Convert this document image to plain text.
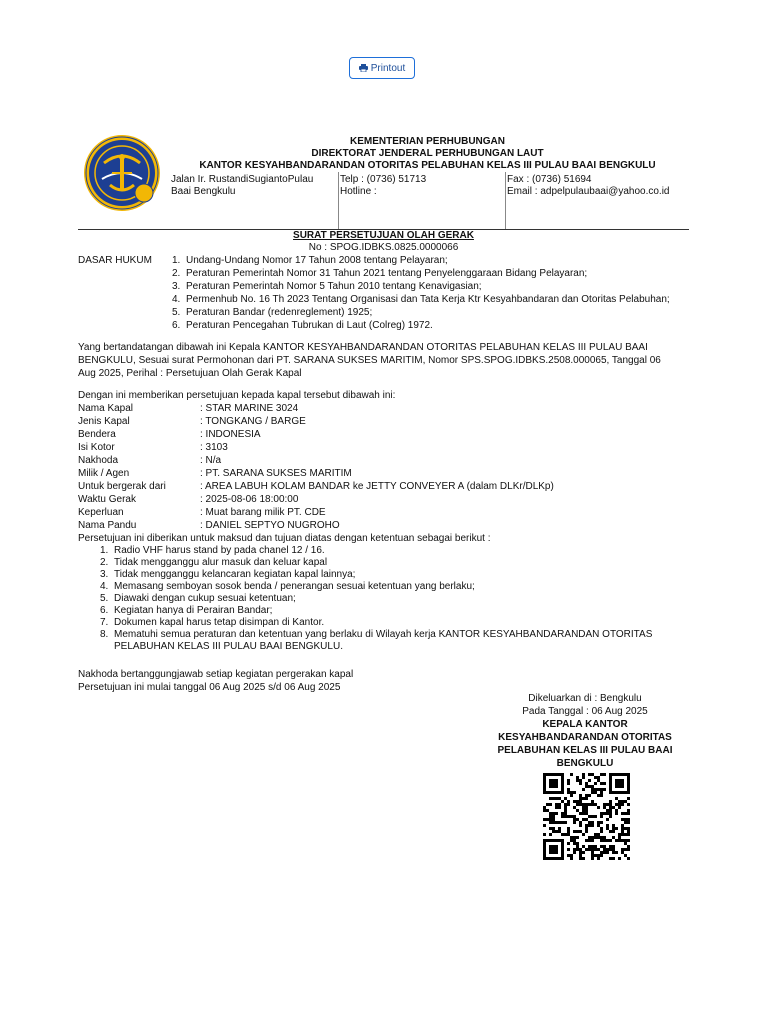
Printout
KEMENTERIAN PERHUBUNGAN
DIREKTORAT JENDERAL PERHUBUNGAN LAUT
KANTOR KESYAHBANDARANDAN OTORITAS PELABUHAN KELAS III PULAU BAAI BENGKULU
Jalan Ir. RustandiSugiantoPulau
Baai Bengkulu
Telp : (0736) 51713
Hotline :
Fax : (0736) 51694
Email : adpelpulaubaai@yahoo.co.id
SURAT PERSETUJUAN OLAH GERAK
No : SPOG.IDBKS.0825.0000066
DASAR HUKUM 1. Undang-Undang Nomor 17 Tahun 2008 tentang Pelayaran;
2. Peraturan Pemerintah Nomor 31 Tahun 2021 tentang Penyelenggaraan Bidang Pelayaran;
3. Peraturan Pemerintah Nomor 5 Tahun 2010 tentang Kenavigasian;
4. Permenhub No. 16 Th 2023 Tentang Organisasi dan Tata Kerja Ktr Kesyahbandaran dan Otoritas Pelabuhan;
5. Peraturan Bandar (redenreglement) 1925;
6. Peraturan Pencegahan Tubrukan di Laut (Colreg) 1972.
Yang bertandatangan dibawah ini Kepala KANTOR KESYAHBANDARANDAN OTORITAS PELABUHAN KELAS III PULAU BAAI
BENGKULU, Sesuai surat Permohonan dari PT. SARANA SUKSES MARITIM, Nomor SPS.SPOG.IDBKS.2508.000065, Tanggal 06
Aug 2025, Perihal : Persetujuan Olah Gerak Kapal
Dengan ini memberikan persetujuan kepada kapal tersebut dibawah ini:
Nama Kapal	: STAR MARINE 3024
Jenis Kapal	: TONGKANG / BARGE
Bendera	: INDONESIA
Isi Kotor	: 3103
Nakhoda	: N/a
Milik / Agen	: PT. SARANA SUKSES MARITIM
Untuk bergerak dari	: AREA LABUH KOLAM BANDAR ke JETTY CONVEYER A (dalam DLKr/DLKp)
Waktu Gerak	: 2025-08-06 18:00:00
Keperluan	: Muat barang milik PT. CDE
Nama Pandu	: DANIEL SEPTYO NUGROHO
Persetujuan ini diberikan untuk maksud dan tujuan diatas dengan ketentuan sebagai berikut :
1. Radio VHF harus stand by pada chanel 12 / 16.
2. Tidak mengganggu alur masuk dan keluar kapal
3. Tidak mengganggu kelancaran kegiatan kapal lainnya;
4. Memasang semboyan sosok benda / penerangan sesuai ketentuan yang berlaku;
5. Diawaki dengan cukup sesuai ketentuan;
6. Kegiatan hanya di Perairan Bandar;
7. Dokumen kapal harus tetap disimpan di Kantor.
8. Mematuhi semua peraturan dan ketentuan yang berlaku di Wilayah kerja KANTOR KESYAHBANDARANDAN OTORITAS
PELABUHAN KELAS III PULAU BAAI BENGKULU.
Nakhoda bertanggungjawab setiap kegiatan pergerakan kapal
Persetujuan ini mulai tanggal 06 Aug 2025 s/d 06 Aug 2025
Dikeluarkan di : Bengkulu
Pada Tanggal : 06 Aug 2025
KEPALA KANTOR
KESYAHBANDARANDAN OTORITAS
PELABUHAN KELAS III PULAU BAAI
BENGKULU
